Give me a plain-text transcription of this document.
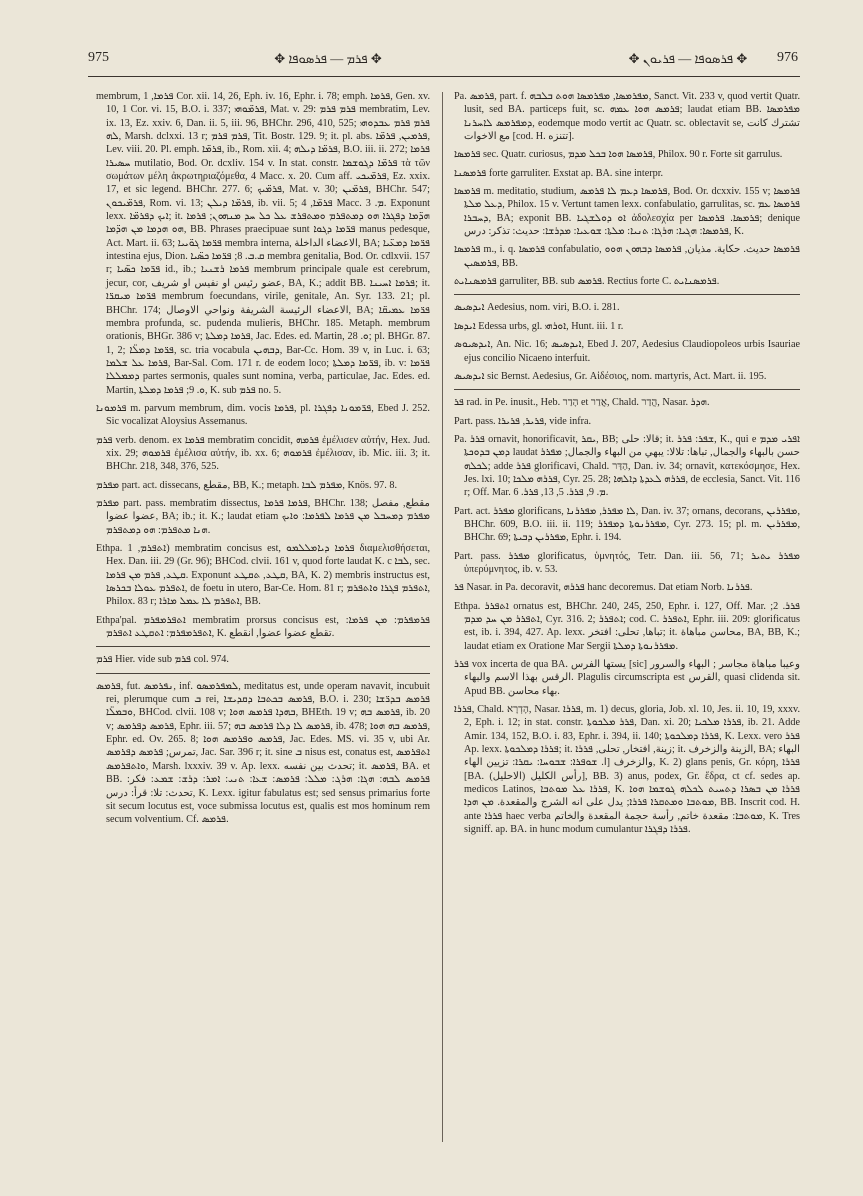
975	✥ ܦܪܡ — ܦܪܣܘܦܐ ✥	✥ ܦܪܣܘܦܐ — ܦܪܝܘܢ ✥	976

membrum, ܦܪܡܐ, 1 Cor. xii. 14, 26, Eph. iv. 16, Ephr. i. 78; emph. ܦܪܡܐ, Gen. xv. 10, 1 Cor. vi. 15, B.O. i. 337; ܦܪܡ̈ܘܗܝ, Mat. v. 29: ܦܪܡ ܦܪܡ membratim, Lev. ix. 13, Ez. xxiv. 6, Dan. ii. 5, iii. 96, BHChr. 296, 410, 525; ܦܪܡ ܦܪܡ ܥܒܕܘܗܝ ܠܗ, Marsh. dclxxi. 13 r; ܦܪܡ ܦܪܡ, Tit. Bostr. 129. 9; it. pl. abs. ܦܪܡܝܢ, ܦܪܡ̈ܐ, Lev. viii. 20. Pl. emph. ܦܪܡ̈ܐ, ib., Rom. xii. 4; ܦܪܡ̈ܐ ܕܝܠܗ, B.O. iii. ii. 272; ܦܪܡܐ ܚܣܝܪܐ mutilatio, Bod. Or. dcxliv. 154 v. In stat. constr. ܦܪܡ̈ܐ ܕܓܘܫܡܐ τὰ τῶν σωμάτων μέλη ἀκρωτηριαζόμεθα, 4 Macc. x. 20. Cum aff. ܦܪܡ̈ܝܟܝ, Ez. xxix. 17, et sic legend. BHChr. 277. 6; ܦܪܡ̈ܝܟ, Mat. v. 30; ܦܪܡ̈ܝܢ, BHChr. 547; ܦܪܡ̈ܝܟܘܢ, Rom. vi. 13; ܦܪܡ̈ܐ ܕܝܠܢ, ib. vii. 5; ܦܪܡ̈ܐ, 4 Macc. ܡ. 3. Exponunt lexx. ܐܝܟ ܕܦܪܡ̈ܐ; it. ܗܕ̈ܡܐ ܕܦܓܪܐ ܗܘ ܕܡܬܦܪܡ ܘܡܬܦܪܫ ܥܠ ܟܠ ܚܕ ܡܢܗܘܢ; ܦܪܡܐ ܗܘ ܗܕܡܐ ܡܢ ܗܕ̈ܡܐ, BB. Phrases praecipuae sunt ܦܪ̈ܡܐ ܕܓܘܐ manus pedesque, Act. Mart. ii. 63; ܦܪ̈ܡܐ ܓܘ̈ܝܝܐ membra interna, الاعضاء الداخلة, BA; ܦܪ̈ܡܐ ܕܡܥ̈ܝܐ intestina ejus, Dion. ܩ.ܒ. 8; ܦܪ̈ܡܐ ܟܣ̈ܝܐ membra genitalia, Bod. Or. cdlxvii. 157 r; ܦܪ̈ܡܐ ܟܣ̈ܝܐ id., ib.; ܦܪܡܐ ܪܫܢܝܐ membrum principale quale est cerebrum, jecur, cor, عضو رئيس او نفيس او شريف, BA, K.; addit BB. ܦܪܡܐ ܐܚܝܢܐ; it. ܦܪ̈ܡܐ ܡܝܩܪ̈ܐ membrum foecundans, virile, genitale, An. Syr. 133. 21; pl. BHChr. 174; الاعضاء الرئيسة الشريفة ونواحي الاوصال, BA; ܦܪ̈ܡܐ ܥܡܝܩ̈ܐ membra profunda, sc. pudenda mulieris, BHChr. 185. Metaph. membrum orationis, BHGr. 386 v; ܦܪܡܐ ܕܡܠܬܐ, Jac. Edes. ed. Martin, ܘ. 28; pl. BHGr. 87. 1, 2; ܦܪ̈ܡܐ ܕܡܠ̈ܐ, sc. tria vocabula ܕܒܗܝܢ, Bar-Cc. Hom. 39 v, in Luc. i. 63; ܦܪܡܐ ܥܠ ܫܠܡܐ, Bar-Sal. Com. 171 r. de eodem loco; ܦܪ̈ܡܐ ܕܡܠܬܐ, ib. v: ܦܪ̈ܡܐ ܕܡܡܠܠܐ partes sermonis, quales sunt nomina, verba, particulae, Jac. Edes. ed. Martin, ܘ. 9; ܦܪܡܐ ܕܡܠܬܐ, K. sub ܦܪܡ no. 5.

ܦܪܡܘܢܐ m. parvum membrum, dim. vocis ܦܪܡܐ, pl. ܦܪ̈ܡܘܢܐ ܕܦܓܪܐ, Ebed J. 252. Sic vocalizat Aloysius Assemanus.

ܦܪܡ verb. denom. ex ܦܪܡܐ membratim concidit, ܦܪܡܗ ἐμέλισεν αὐτήν, Hex. Jud. xix. 29; ܦܪܡܘܗ ἐμέλισα αὐτήν, ib. xx. 6; ܦܪܡܘܗ ἐμέλισαν, ib. Mic. iii. 3; it. BHChr. 218, 348, 376, 525.

ܡܦܪܡ part. act. dissecans, مقطع, BB, K.; metaph. ܡܦܪܡ ܠܒܐ, Knös. 97. 8.

ܡܦܪܡ part. pass. membratim dissectus, ܦܪܡܐ ܦܪܡܐ, BHChr. 138; مقطع, مفصل عضوا عضوا, BA; ib.; it. K.; laudat etiam ܡܦܪܡ ܕܡܚܒܠ ܡܢ ܦܪܡܐ ܠܦܪܡܐ: ܘܐܝܟ ܗܢܐ ܡܬܦܪܡ: ܗܘ ܕܡܬܦܪܡ.

Ethpa. ܐܬܦܪܡ, 1) membratim concisus est, ܦܪܡܐ ܕܝܐܡܠܠܡܘ διαμελισθήσεται, Hex. Dan. iii. 29 (Gr. 96); BHCod. clvii. 161 v, quod forte laudat K. c ܠܒܐ, sec. ܩܛܥ, ܦܪܡ ܡܢ ܦܪܡܐ. Exponunt ܩܛܥ, ܬܩܛܥ, BA, K. 2) membris instructus est, ܐܬܦܪܡ ܥܘܠܐ ܒܟܪܣܐ, de foetu in utero, Bar-Ce. Hom. 81 r; ܐܬܦܪܡ ܦܓܪܐ ܘܐܬܦܪܡ, Philox. 83 r; ܐܬܦܪܡ ܠܐ ܥܡܠ ܡܐܪܐ, BB.

Ethpa'pal. ܐܬܦܪܡܦܪܡ membratim prorsus concisus est, ܦܪܡܦܪܡ: ܡܢ ܦܪܡܐ: ܐܬܦܪܡܦܪܡ: ܐܬܩܛܥ ܐܬܦܪܡ, K. تقطع عضوا عضوا, انقطع.

ܦܪܡ Hier. vide sub ܦܪܡ col. 974.

ܦܪܡܣ, fut. ܢܦܪܡܣ, inf. ܠܡܦܪܡܣܘ, meditatus est, unde operam navavit, incubuit rei, plerumque cum ܒ rei, ܦܪܡܣ ܒܟܬܒܐ ܕܩܕܝܫܐ, B.O. i. 230; ܦܪܡܣ ܒܕܪ̈ܫܐ ܘܒܡܠ̈ܐ, BHCod. clvii. 108 v; ܒܗܕܐ ܦܪܡܣ ܗܘܐ, BHEth. 19 v; ܦܪܡܣ ܒܗ, ib. 20 v; ܦܪܡܣ ܕܦܪܡܣ, Ephr. iii. 57; ܦܪܡܣ ܠܐ ܕܠܐ ܦܪܡܣ ܒܗ, ib. 478; ܦܪܡܣ ܒܗ ܗܘܐ, Ephr. ed. Ov. 265. 8; ܦܪܡܣ ܘܦܪܡܣ ܗܘܐ, Jac. Edes. MS. vi. 35 v, ubi Ar. تمرس; ܦܪܡܣ ܕܦܪܡܣ, Jac. Sar. 396 r; it. sine ܒ nisus est, conatus est, ܐܬܦܪܡܣ ܘܐܬܦܪܡܣ, Marsh. lxxxiv. 39 v. Ap. lexx. تحدث بين نفسه; it. ܦܪܡܣ, BA. et BB. ܦܪܡܣ ܠܒܗ: ܗܓܐ: ܗܪܓ: ܡܠܠ: ܦܪܡܣ: ܫܥܐ: ܬܢܝ: ܐܡܪ: ܕܪܫ: ܫܡܥ: فكر: تحدث: تلا: قرأ: درس, K. Lexx. igitur fabulatus est; sed sensus primarius forte sit secum locutus est, voce submissa locutus est, qualis est mos hominum rem secum volventium. Cf. ܦܪܡܣ.

Pa. ܦܪܡܣ, part. f. ܡܦܪܡܣܐ, ܡܦܪܡܣܐ ܗܘܬ ܒܠܒܗ, Sanct. Vit. 233 v, quod vertit Quatr. lusit, sed BA. particeps fuit, sc. ܦܪܡܣ ܗܘܐ ܥܡܗ; laudat etiam BB. ܡܦܪܡܣܐ ܕܡܦܪܡܣ ܠܐܚܪܢܐ, eodemque modo vertit ac Quatr. sc. oblectavit se, تشترك كانت مع الاخوات [cod. H. تتنزه].

ܦܪܡܣܐ sec. Quatr. curiosus, ܦܪܡܣܐ ܗܘܐ ܒܟܠ ܡܕܡ, Philox. 90 r. Forte sit garrulus.

ܦܪܡܣܢܐ forte garruliter. Exstat ap. BA. sine interpr.

ܦܪܡܣܐ m. meditatio, studium, ܦܪܡܣܐ ܕܥܡ ܠܐ ܦܪܡܣ, Bod. Or. dcxxiv. 155 v; ܦܪܡܣܐ ܕܥܠ ܡܠܬܐ, Philox. 15 v. Vertunt tamen lexx. confabulatio, garrulitas, sc. ܦܪܡܣܐ ܥܡ ܕܚܒܪܐ, BA; exponit BB. ܐܘ ܕܘܠܫܓܝܐ ἀδολεσχία per ܦܪܡܣܐ. ܦܪܡܣܐ; denique ܦܪܡܣܐ: ܗܓܝܐ: ܗܪܓܐ: ܬܢܝܐ: ܡܠܬܐ: ܫܘܥܝܐ: ܡܕܪܫܐ: حديث: تذكر: درس, K.

ܦܪܡܣܐ m., i. q. ܦܪܡܣܐ confabulatio, ܦܪܡܣܐ حديث. حكاية. مذيان, ܦܪܡܣܐ ܕܒܗܘܢ ܗܘܘ ܦܪܡܣܝܢ, BB.

ܦܪܡܣܢܐܝܬ garruliter, BB. sub ܦܪܡܣ. Rectius forte C. ܦܪܡܣܢܐܝܬ.

ܐܝܕܣܝܣ Aedesius, nom. viri, B.O. i. 281.

ܐܝܕܣܐ Edessa urbs, gl. ܐܘܪܗܝ, Hunt. iii. 1 r.

ܐܝܕܣܝܘܣ, An. Nic. 16; ܐܝܕܣܝܣ, Ebed J. 207, Aedesius Claudiopoleos urbis Isauriae ejus concilio Nicaeno interfuit.

ܐܝܕܣܝܣ sic Bernst. Aedesius, Gr. Αἰδέσιος, nom. martyris, Act. Mart. ii. 195.

ܦܪ rad. in Pe. inusit., Heb. הָדַר et אֲדַר, Chald. הֲדַר, Nasar. ܗܕܪ.

Part. pass. ܦܪܝܪ, ܦܪܝܪܐ, vide infra.

Pa. ܦܪܪ ornavit, honorificavit, ܝܩܪ, BB; قالا: حلى; it. ܫܦܪ: ܦܪܪ, K., qui e ܐܦܪܝ ܡܕܡ ܕܡܢ ܒܕܘܟܬܐ laudat حسن بالبهاء والجمال, تباها: تلالا: يبهي من البهاء والجمال; ܡܦܪܪ ܠܟܠܗ; adde ܦܪܪ glorificavi, Chald. הַדַּר, Dan. iv. 34; ornavit, κατεκόσμησε, Hex. Jes. lxi. 10; ܦܪܪܗ ܡܠܟܐ, Cyr. 25. 28; ܦܪܪܗ ܠܥܕܬܐ ܕܐܠܗܐ, de ecclesia, Sanct. Vit. 116 r; Off. Mar. ܡ. 9, ܦܪܪ. 5, 13, ܦܪܪ. 6.

Part. act. ܡܦܪܪ glorificans, ܠܐ ܡܦܪܪ, ܡܦܪܪܢܐ, Dan. iv. 37; ornans, decorans, ܡܦܪܪܝܢ, BHChr. 609, B.O. iii. ii. 119; ܡܦܪܪܢܘܬܐ ܕܡܦܪܪ, Cyr. 273. 15; pl. m. ܡܦܪܪܝܢ, BHChr. 69; ܡܦܪܪܝܢ ܕܒܝܬܐ, Ephr. i. 194.

Part. pass. ܡܦܪܪ glorificatus, ὑμνητός, Tetr. Dan. iii. 56, 71; ܡܦܪܪ ܝܬܝܪ ὑπερύμνητος, ib. v. 53.

ܦܪ Nasar. in Pa. decoravit, ܦܪܪܗ hanc decoremus. Dat etiam Norb. ܦܪܪܢܐ.

Ethpa. ܐܬܦܪܪ ornatus est, BHChr. 240, 245, 250, Ephr. i. 127, Off. Mar. ܦܪܪ. 2; ܐܬܦܪܪ ܡܢ ܚܕ ܡܕܡ, Cyr. 316. 2; ܐܬܦܪܪ; cod. C. ܐܬܦܪܪ, Ephr. iii. 209: glorificatus est, ib. i. 394, 427. Ap. lexx. تباها, تحلى: افتخر; it. محاسن مباهاة, BA, BB, K.; laudat etiam ex Oratione Mar Sergii ܡܦܪܪܢܘܬܐ ܕܡܠܬܐ.

ܦܪܪ vox incerta de qua BA. يستها الفرس [sic] وعيبا مباهاة مجاسر ; البهاء والسرور الرقس بهذا الاسم والبهاء. Plagulis circumscripta est القرس, quasi clidenda sit. Apud BB. بهاء محاسن.

ܦܪܪܐ, Chald. הָדְרָא, Nasar. ܦܪܪܐ, m. 1) decus, gloria, Job. xl. 10, Jes. ii. 10, 19, xxxv. 2, Eph. i. 12; in stat. constr. ܦܪܪ ܡܠܟܘܬܐ, Dan. xi. 20; ܦܪܪܐ ܡܠܟܝܐ, ib. 21. Adde Amir. 134, 152, B.O. i. 83, Ephr. i. 394, ii. 140; ܦܪܪܐ ܕܡܠܟܘܬܐ, K. Lexx. vero ܦܪܪ Ap. lexx. ܦܪܪܐ ܕܡܠܟܘܬܐ; it. زينة, افتخار, تحلى, ܦܪܪܐ; it. الزينة والزخرف, BA; البهاء والزخرف [ا. ܫܘܦܪܐ: ܫܒܘܚܐ: ܝܩܪܐ: تزيين الهاء, K. 2) glans penis, Gr. κόρη, ܦܪܪܐ [BA. رأس الكليل (الاحليل)], BB. 3) anus, podex, Gr. ἕδρα, ct cf. sedes ap. medicos Latinos, ܦܪܪܐ ܥܠ ܡܘܬܒܐ, K. ܦܪܪܐ ܡܢ ܒܣܪܐ ܕܬܚܝܬ ܠܟܠܗ ܓܘܫܡܐ ܗܘܐ ܡܘܬܒܐ ܘܡܬܩܪܐ ܦܪܪܐ; يدل على انه الشرج والمقعدة. ܡܢ ܗܕܐ, BB. Inscrit cod. H. ante ܦܪܪܐ haec verba ܡܘܬܒܐ: مقعدة خاتم, رأسة حجمة المقعدة والخاتم, K. Tres signiff. ap. BA. in hunc modum cumulantur ܦܪܪܐ ܕܦܓܪܐ.
